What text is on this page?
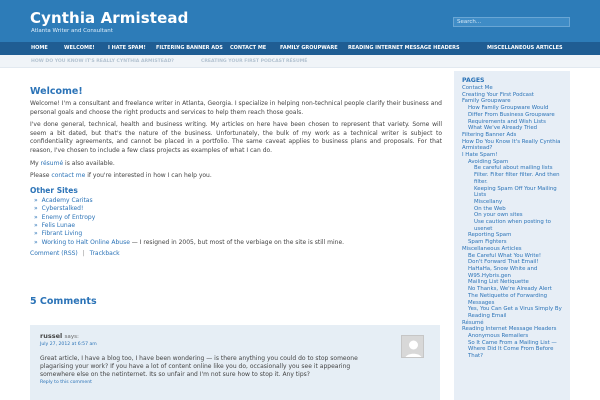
Cynthia Armistead
Atlanta Writer and Consultant
Search...
HOME	WELCOME!	I HATE SPAM! FILTERING BANNER ADS CONTACT ME	FAMILY GROUPWARE READING INTERNET MESSAGE HEADERS	MISCELLANEOUS ARTICLES
HOW DO YOU KNOW IT'S REALLY CYNTHIA ARMISTEAD?	CREATING YOUR FIRST PODCAST RÉSUMÉ
Welcome!

Welcome! I'm a consultant and freelance writer in Atlanta, Georgia. I specialize in helping non-technical people clarify their business and personal goals and choose the right products and services to help them reach those goals.

I've done general, technical, health and business writing. My articles on here have been chosen to represent that variety. Some will seem a bit dated, but that's the nature of the business. Unfortunately, the bulk of my work as a technical writer is subject to confidentiality agreements, and cannot be placed in a portfolio. The same caveat applies to business plans and proposals. For that reason, I've chosen to include a few class projects as examples of what I can do.

My résumé is also available.

Please contact me if you're interested in how I can help you.

Other Sites
» Academy Caritas
» Cyberstalked!
» Enemy of Entropy
» Felis Lunae
» Fibrant Living
» Working to Halt Online Abuse — I resigned in 2005, but most of the verbiage on the site is still mine.
Comment (RSS) | Trackback
5 Comments
russel says:
July 27, 2012 at 6:57 am
Great article, I have a blog too, I have been wondering — is there anything you could do to stop someone plagarising your work? If you have a lot of content online like you do, occasionally you see it appearing somewhere else on the netinternet. Its so unfair and I'm not sure how to stop it. Any tips?
Reply to this comment
PAGES
Contact Me
Creating Your First Podcast
Family Groupware
How Family Groupware Would Differ From Business Groupware
Requirements and Wish Lists
What We've Already Tried
Filtering Banner Ads
How Do You Know It's Really Cynthia Armistead?
I Hate Spam!
Avoiding Spam
Be careful about mailing lists
Filter. Filter filter filter. And then filter.
Keeping Spam Off Your Mailing Lists
Miscellany
On the Web
On your own sites
Use caution when posting to usenet
Reporting Spam
Spam Fighters
Miscellaneous Articles
Be Careful What You Write!
Don't Forward That Email!
HaHaHa, Snow White and W95.Hybris.gen
Mailing List Netiquette
No Thanks, We're Already Alert
The Netiquette of Forwarding Messages
Yes, You Can Get a Virus Simply By Reading Email
Résumé
Reading Internet Message Headers
Anonymous Remailers
So It Came From a Mailing List — Where Did It Come From Before That?
